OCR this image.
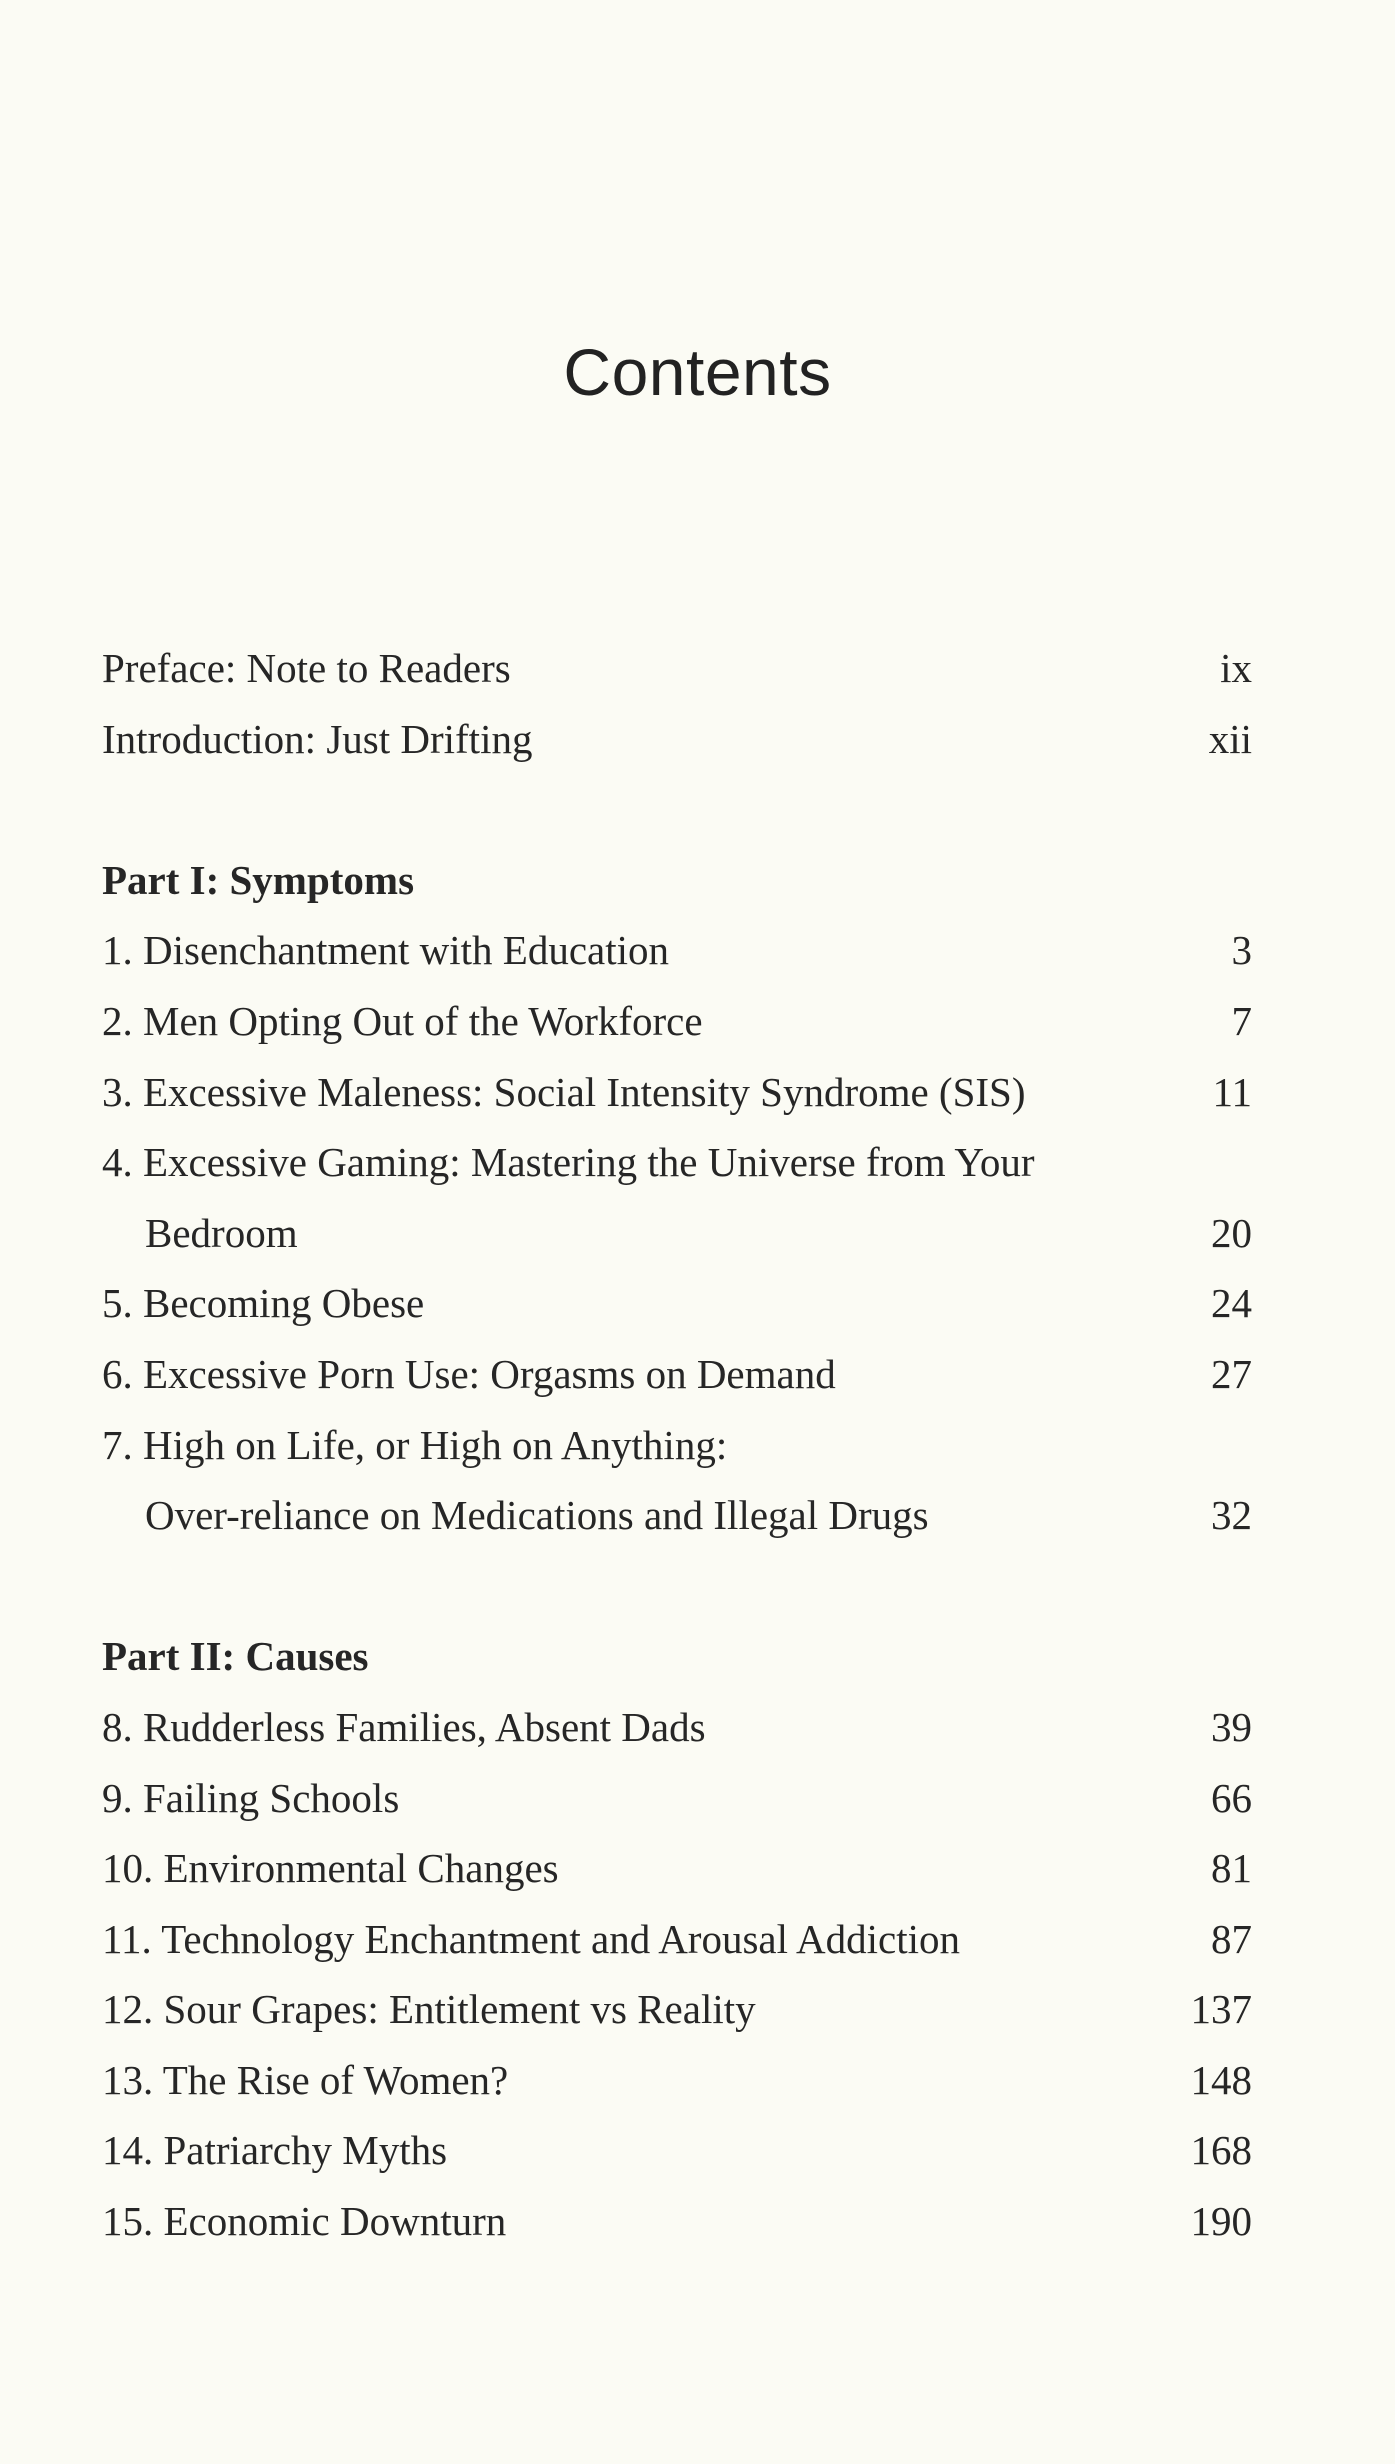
Contents
Preface: Note to Readers	ix
Introduction: Just Drifting	xii
Part I: Symptoms
1. Disenchantment with Education	3
2. Men Opting Out of the Workforce	7
3. Excessive Maleness: Social Intensity Syndrome (SIS)	11
4. Excessive Gaming: Mastering the Universe from Your
Bedroom	20
5. Becoming Obese	24
6. Excessive Porn Use: Orgasms on Demand	27
7. High on Life, or High on Anything:
Over-reliance on Medications and Illegal Drugs	32
Part II: Causes
8. Rudderless Families, Absent Dads	39
9. Failing Schools	66
10. Environmental Changes	81
11. Technology Enchantment and Arousal Addiction	87
12. Sour Grapes: Entitlement vs Reality	137
13. The Rise of Women?	148
14. Patriarchy Myths	168
15. Economic Downturn	190
